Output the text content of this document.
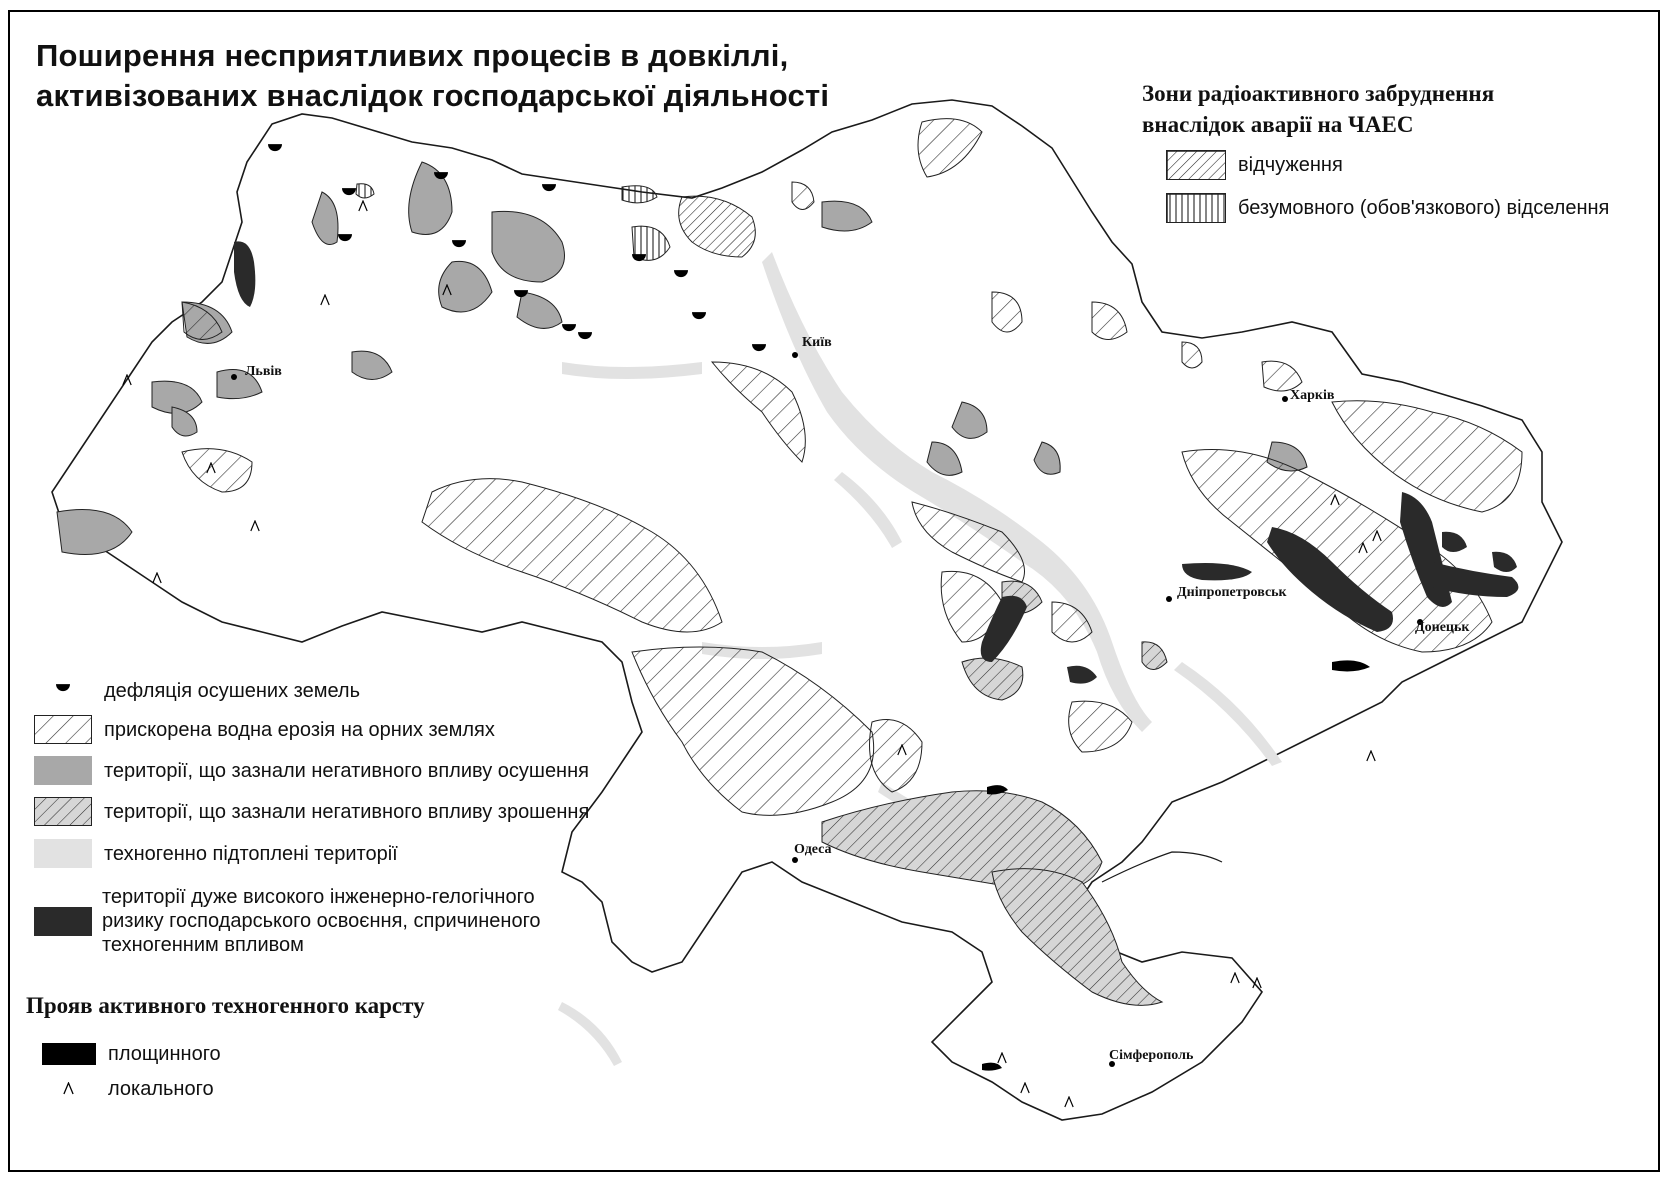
Київ
Львів
Харків
Дніпропетровськ
Донецьк
Одеса
Сімферополь
Поширення несприятливих процесів в довкіллі,
активізованих внаслідок господарської діяльності	Зони радіоактивного забруднення
внаслідок аварії на ЧАЕС
відчуження
безумовного (обов'язкового) відселення
дефляція осушених земель
прискорена водна ерозія на орних землях
території, що зазнали негативного впливу осушення
території, що зазнали негативного впливу зрошення
техногенно підтоплені території
території дуже високого інженерно-гелогічного
ризику господарського освоєння, спричиненого
техногенним впливом
Прояв активного техногенного карсту
площинного
локального
